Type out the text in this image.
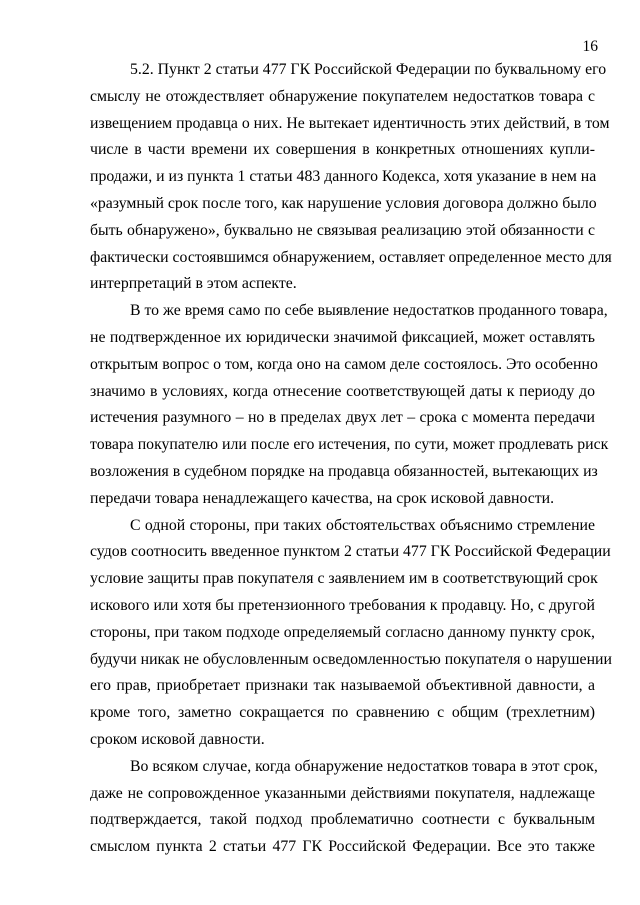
16
5.2. Пункт 2 статьи 477 ГК Российской Федерации по буквальному его
смыслу не отождествляет обнаружение покупателем недостатков товара с
извещением продавца о них. Не вытекает идентичность этих действий, в том
числе в части времени их совершения в конкретных отношениях купли-
продажи, и из пункта 1 статьи 483 данного Кодекса, хотя указание в нем на
«разумный срок после того, как нарушение условия договора должно было
быть обнаружено», буквально не связывая реализацию этой обязанности с
фактически состоявшимся обнаружением, оставляет определенное место для
интерпретаций в этом аспекте.
В то же время само по себе выявление недостатков проданного товара,
не подтвержденное их юридически значимой фиксацией, может оставлять
открытым вопрос о том, когда оно на самом деле состоялось. Это особенно
значимо в условиях, когда отнесение соответствующей даты к периоду до
истечения разумного – но в пределах двух лет – срока с момента передачи
товара покупателю или после его истечения, по сути, может продлевать риск
возложения в судебном порядке на продавца обязанностей, вытекающих из
передачи товара ненадлежащего качества, на срок исковой давности.
С одной стороны, при таких обстоятельствах объяснимо стремление
судов соотносить введенное пунктом 2 статьи 477 ГК Российской Федерации
условие защиты прав покупателя с заявлением им в соответствующий срок
искового или хотя бы претензионного требования к продавцу. Но, с другой
стороны, при таком подходе определяемый согласно данному пункту срок,
будучи никак не обусловленным осведомленностью покупателя о нарушении
его прав, приобретает признаки так называемой объективной давности, а
кроме того, заметно сокращается по сравнению с общим (трехлетним)
сроком исковой давности.
Во всяком случае, когда обнаружение недостатков товара в этот срок,
даже не сопровожденное указанными действиями покупателя, надлежаще
подтверждается, такой подход проблематично соотнести с буквальным
смыслом пункта 2 статьи 477 ГК Российской Федерации. Все это также
